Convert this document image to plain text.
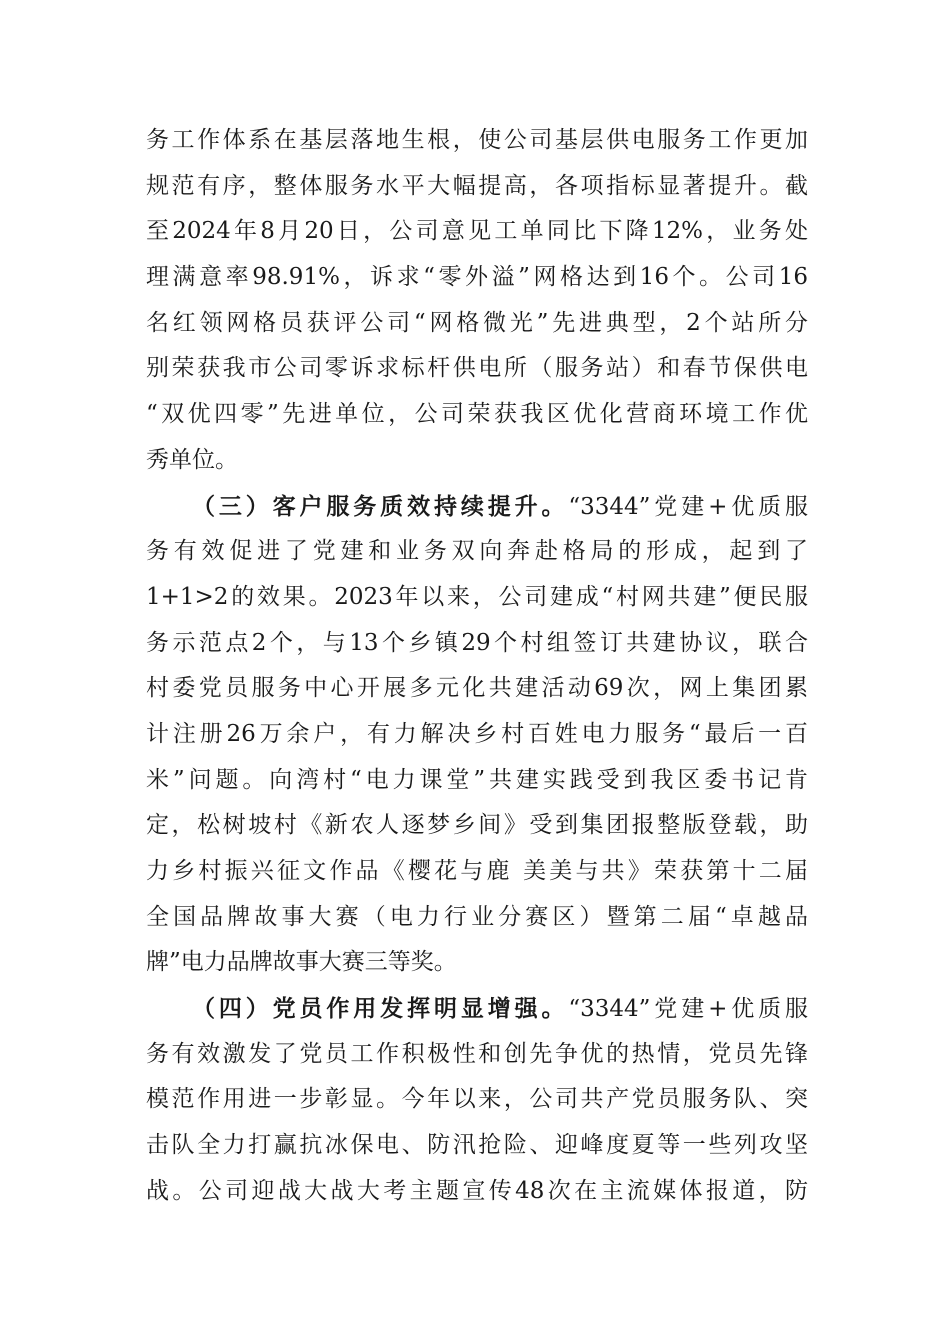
务工作体系在基层落地生根，使公司基层供电服务工作更加
规范有序，整体服务水平大幅提高，各项指标显著提升。截
至2024年8月20日，公司意见工单同比下降12%，业务处
理满意率98.91%，诉求“零外溢”网格达到16个。公司16
名红领网格员获评公司“网格微光”先进典型，2个站所分
别荣获我市公司零诉求标杆供电所（服务站）和春节保供电
“双优四零”先进单位，公司荣获我区优化营商环境工作优
秀单位。
（三）客户服务质效持续提升。“3344”党建+优质服
务有效促进了党建和业务双向奔赴格局的形成，起到了
1+1>2的效果。2023年以来，公司建成“村网共建”便民服
务示范点2个，与13个乡镇29个村组签订共建协议，联合
村委党员服务中心开展多元化共建活动69次，网上集团累
计注册26万余户，有力解决乡村百姓电力服务“最后一百
米”问题。向湾村“电力课堂”共建实践受到我区委书记肯
定，松树坡村《新农人逐梦乡间》受到集团报整版登载，助
力乡村振兴征文作品《樱花与鹿 美美与共》荣获第十二届
全国品牌故事大赛（电力行业分赛区）暨第二届“卓越品
牌”电力品牌故事大赛三等奖。
（四）党员作用发挥明显增强。“3344”党建+优质服
务有效激发了党员工作积极性和创先争优的热情，党员先锋
模范作用进一步彰显。今年以来，公司共产党员服务队、突
击队全力打赢抗冰保电、防汛抢险、迎峰度夏等一些列攻坚
战。公司迎战大战大考主题宣传48次在主流媒体报道，防
